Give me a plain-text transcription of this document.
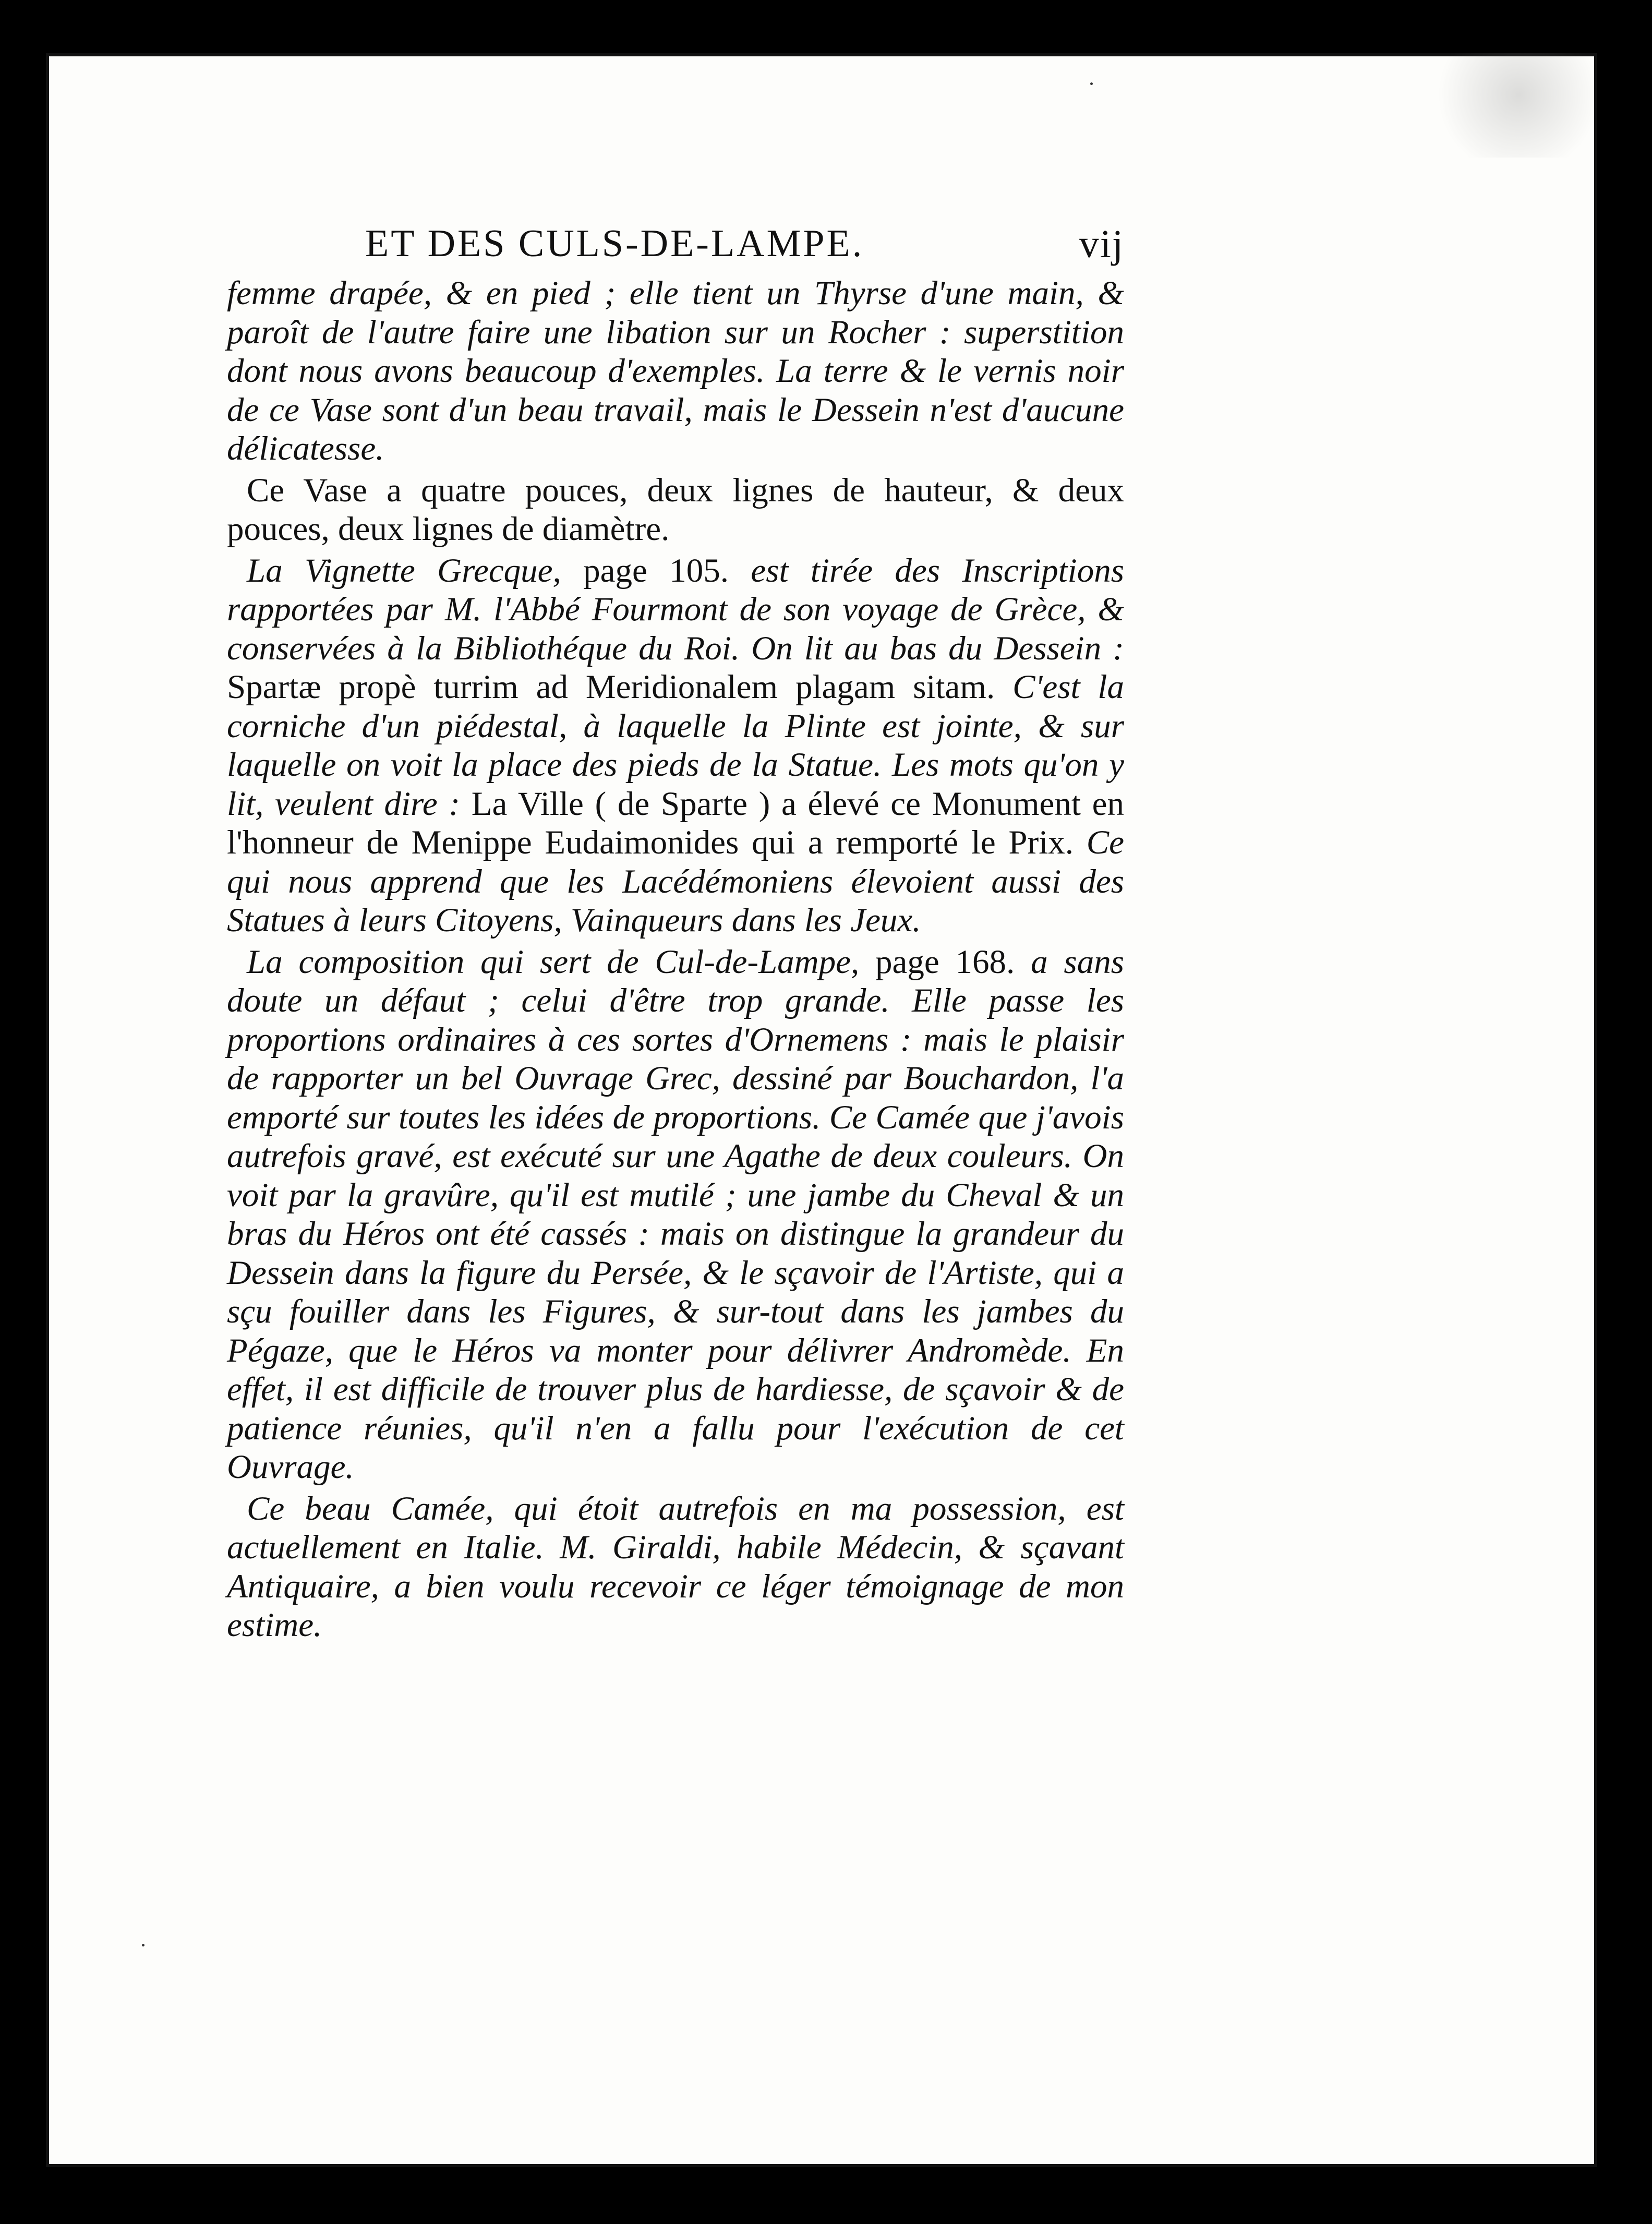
ET DES CULS-DE-LAMPE.	vij

femme drapée, & en pied ; elle tient un Thyrse d'une main, & paroît de l'autre faire une libation sur un Rocher : superstition dont nous avons beaucoup d'exemples. La terre & le vernis noir de ce Vase sont d'un beau travail, mais le Dessein n'est d'aucune délicatesse.

Ce Vase a quatre pouces, deux lignes de hauteur, & deux pouces, deux lignes de diamètre.

La Vignette Grecque, page 105. est tirée des Inscriptions rapportées par M. l'Abbé Fourmont de son voyage de Grèce, & conservées à la Bibliothéque du Roi. On lit au bas du Dessein : Spartæ propè turrim ad Meridionalem plagam sitam. C'est la corniche d'un piédestal, à laquelle la Plinte est jointe, & sur laquelle on voit la place des pieds de la Statue. Les mots qu'on y lit, veulent dire : La Ville ( de Sparte ) a élevé ce Monument en l'honneur de Menippe Eudaimonides qui a remporté le Prix. Ce qui nous apprend que les Lacédémoniens élevoient aussi des Statues à leurs Citoyens, Vainqueurs dans les Jeux.

La composition qui sert de Cul-de-Lampe, page 168. a sans doute un défaut ; celui d'être trop grande. Elle passe les proportions ordinaires à ces sortes d'Ornemens : mais le plaisir de rapporter un bel Ouvrage Grec, dessiné par Bouchardon, l'a emporté sur toutes les idées de proportions. Ce Camée que j'avois autrefois gravé, est exécuté sur une Agathe de deux couleurs. On voit par la gravûre, qu'il est mutilé ; une jambe du Cheval & un bras du Héros ont été cassés : mais on distingue la grandeur du Dessein dans la figure du Persée, & le sçavoir de l'Artiste, qui a sçu fouiller dans les Figures, & sur-tout dans les jambes du Pégaze, que le Héros va monter pour délivrer Andromède. En effet, il est difficile de trouver plus de hardiesse, de sçavoir & de patience réunies, qu'il n'en a fallu pour l'exécution de cet Ouvrage.

Ce beau Camée, qui étoit autrefois en ma possession, est actuellement en Italie. M. Giraldi, habile Médecin, & sçavant Antiquaire, a bien voulu recevoir ce léger témoignage de mon estime.
